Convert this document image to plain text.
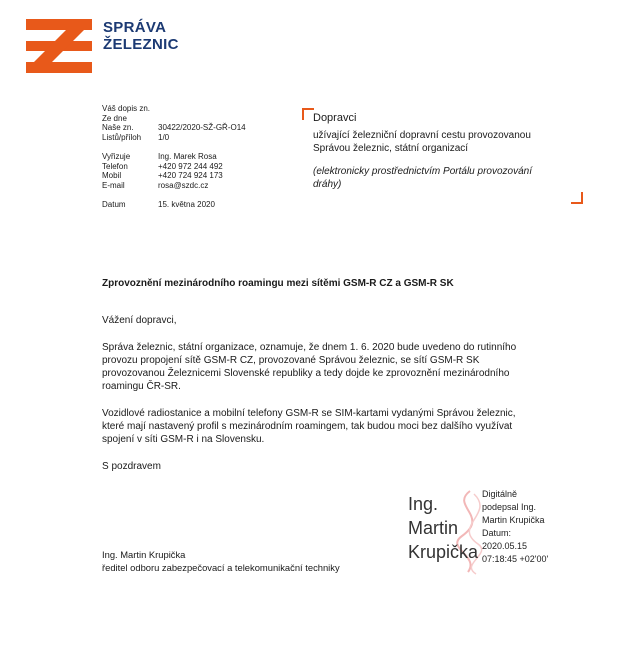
SPRÁVA
ŽELEZNIC
Váš dopis zn.
Ze dne
Naše zn.	30422/2020-SŽ-GŘ-O14
Listů/příloh	1/0
Vyřizuje	Ing. Marek Rosa
Telefon	+420 972 244 492
Mobil	+420 724 924 173
E-mail	rosa@szdc.cz
Datum	15. května 2020
Dopravci
užívající železniční dopravní cestu provozovanou
Správou železnic, státní organizací
(elektronicky prostřednictvím Portálu provozování
dráhy)
Zprovoznění mezinárodního roamingu mezi sítěmi GSM-R CZ a GSM-R SK

Vážení dopravci,

Správa železnic, státní organizace, oznamuje, že dnem 1. 6. 2020 bude uvedeno do rutinního
provozu propojení sítě GSM-R CZ, provozované Správou železnic, se sítí GSM-R SK
provozovanou Železnicemi Slovenské republiky a tedy dojde ke zprovoznění mezinárodního
roamingu ČR-SR.

Vozidlové radiostanice a mobilní telefony GSM-R se SIM-kartami vydanými Správou železnic,
které mají nastavený profil s mezinárodním roamingem, tak budou moci bez dalšího využívat
spojení v síti GSM-R i na Slovensku.

S pozdravem

Ing. Martin Krupička
ředitel odboru zabezpečovací a telekomunikační techniky
Ing.
Martin
Krupička
Digitálně
podepsal Ing.
Martin Krupička
Datum:
2020.05.15
07:18:45 +02'00'
